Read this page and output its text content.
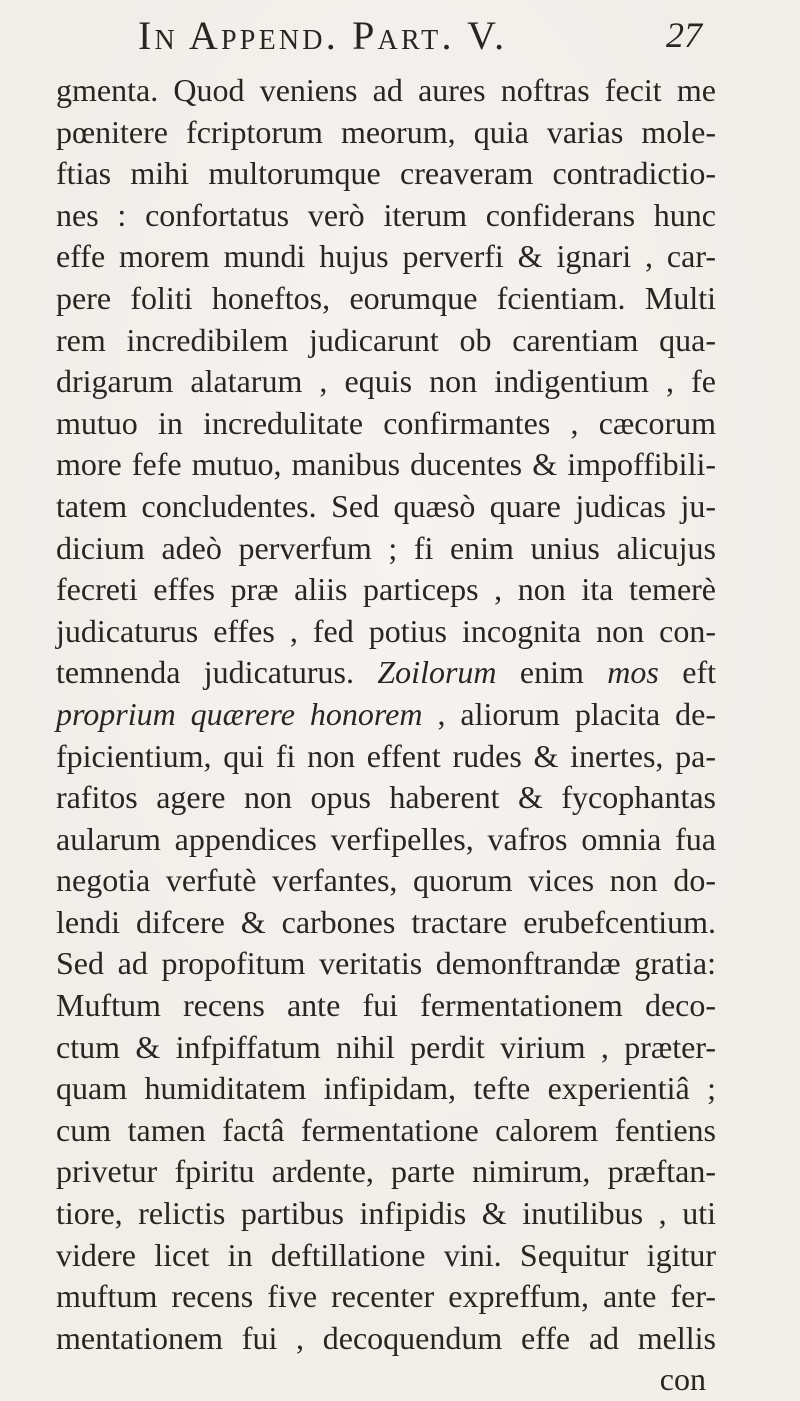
In Append. Part. V.	27
gmenta. Quod veniens ad aures noftras fecit me
pœnitere fcriptorum meorum, quia varias mole-
ftias mihi multorumque creaveram contradictio-
nes : confortatus verò iterum confiderans hunc
effe morem mundi hujus perverfi & ignari , car-
pere foliti honeftos, eorumque fcientiam. Multi
rem incredibilem judicarunt ob carentiam qua-
drigarum alatarum , equis non indigentium , fe
mutuo in incredulitate confirmantes , cæcorum
more fefe mutuo, manibus ducentes & impoffibili-
tatem concludentes. Sed quæsò quare judicas ju-
dicium adeò perverfum ; fi enim unius alicujus
fecreti effes præ aliis particeps , non ita temerè
judicaturus effes , fed potius incognita non con-
temnenda judicaturus. Zoilorum enim mos eft
proprium quærere honorem , aliorum placita de-
fpicientium, qui fi non effent rudes & inertes, pa-
rafitos agere non opus haberent & fycophantas
aularum appendices verfipelles, vafros omnia fua
negotia verfutè verfantes, quorum vices non do-
lendi difcere & carbones tractare erubefcentium.
Sed ad propofitum veritatis demonftrandæ gratia:
Muftum recens ante fui fermentationem deco-
ctum & infpiffatum nihil perdit virium , præter-
quam humiditatem infipidam, tefte experientiâ ;
cum tamen factâ fermentatione calorem fentiens
privetur fpiritu ardente, parte nimirum, præftan-
tiore, relictis partibus infipidis & inutilibus , uti
videre licet in deftillatione vini. Sequitur igitur
muftum recens five recenter expreffum, ante fer-
mentationem fui , decoquendum effe ad mellis
con
